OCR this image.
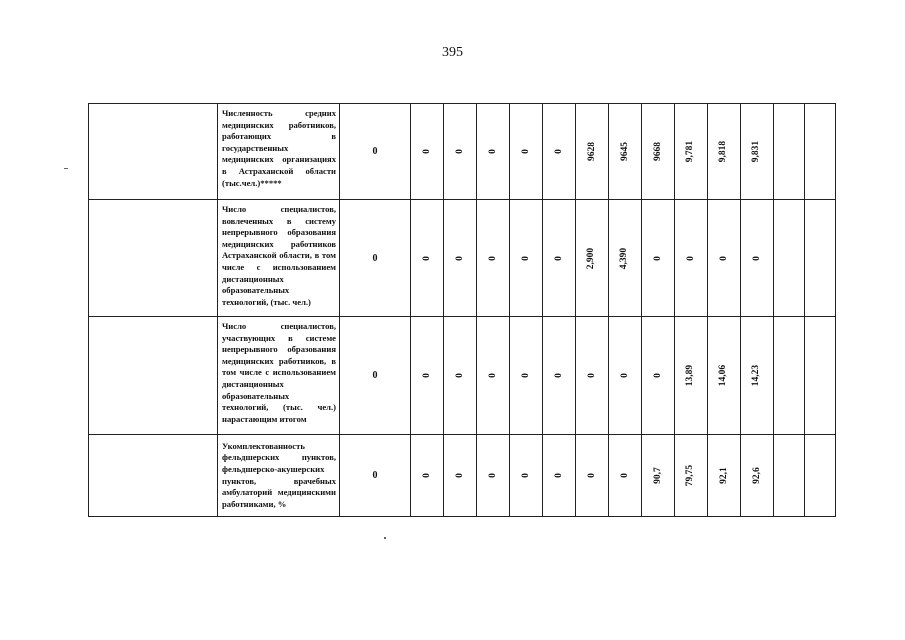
395
	Численность средних медицинских работников, работающих в государственных медицинских организациях в Астраханской области (тыс.чел.)*****	0	0	0	0	0	0	9628	9645	9668	9,781	9,818	9,831		
	Число специалистов, вовлеченных в систему непрерывного образования медицинских работников Астраханской области, в том числе с использованием дистанционных образовательных технологий, (тыс. чел.)	0	0	0	0	0	0	2,900	4,390	0	0	0	0		
	Число специалистов, участвующих в системе непрерывного образования медицинских работников, в том числе с использованием дистанционных образовательных технологий, (тыс. чел.) нарастающим итогом	0	0	0	0	0	0	0	0	0	13,89	14,06	14,23		
	Укомплектованность фельдшерских пунктов, фельдшерско-акушерских пунктов, врачебных амбулаторий медицинскими работниками, %	0	0	0	0	0	0	0	0	90,7	79,75	92,1	92,6		
